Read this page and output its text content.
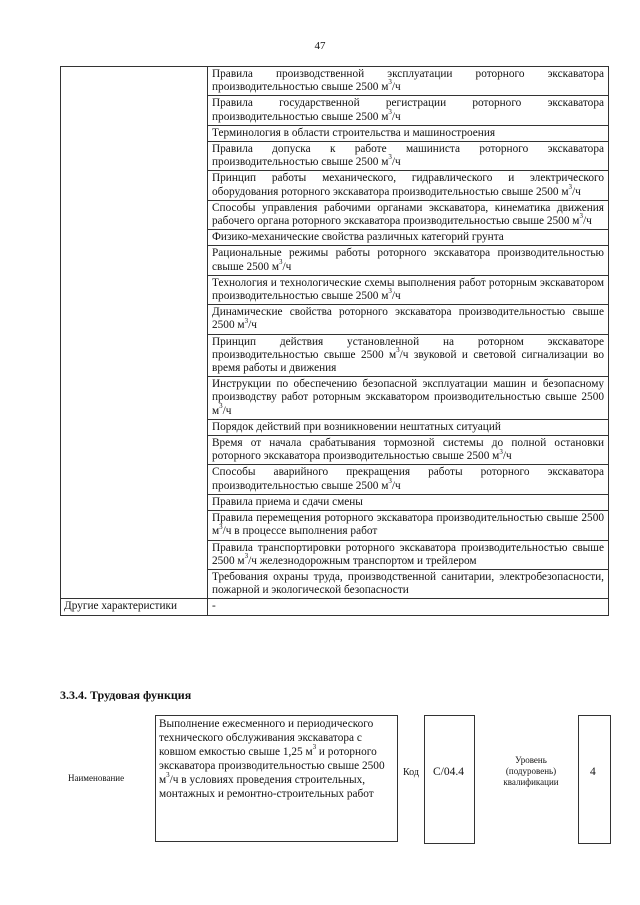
47
	Правила производственной эксплуатации роторного экскаватора производительностью свыше 2500 $м^3/ч$
	Правила государственной регистрации роторного экскаватора производительностью свыше 2500 $м^3/ч$
	Терминология в области строительства и машиностроения
	Правила допуска к работе машиниста роторного экскаватора производительностью свыше 2500 $м^3/ч$
	Принцип работы механического, гидравлического и электрического оборудования роторного экскаватора производительностью свыше 2500 $м^3/ч$
	Способы управления рабочими органами экскаватора, кинематика движения рабочего органа роторного экскаватора производительностью свыше 2500 $м^3/ч$
	Физико-механические свойства различных категорий грунта
	Рациональные режимы работы роторного экскаватора производительностью свыше 2500 $м^3/ч$
	Технология и технологические схемы выполнения работ роторным экскаватором производительностью свыше 2500 $м^3/ч$
	Динамические свойства роторного экскаватора производительностью свыше 2500 $м^3/ч$
	Принцип действия установленной на роторном экскаваторе производительностью свыше 2500 $м^3/ч$ звуковой и световой сигнализации во время работы и движения
	Инструкции по обеспечению безопасной эксплуатации машин и безопасному производству работ роторным экскаватором производительностью свыше 2500 $м^3/ч$
	Порядок действий при возникновении нештатных ситуаций
	Время от начала срабатывания тормозной системы до полной остановки роторного экскаватора производительностью свыше 2500 $м^3/ч$
	Способы аварийного прекращения работы роторного экскаватора производительностью свыше 2500 $м^3/ч$
	Правила приема и сдачи смены
	Правила перемещения роторного экскаватора производительностью свыше 2500 $м^3/ч$ в процессе выполнения работ
	Правила транспортировки роторного экскаватора производительностью свыше 2500 $м^3/ч$ железнодорожным транспортом и трейлером
	Требования охраны труда, производственной санитарии, электробезопасности, пожарной и экологической безопасности
Другие характеристики	-
3.3.4. Трудовая функция
Наименование
Выполнение ежесменного и периодического технического обслуживания экскаватора с ковшом емкостью свыше 1,25 $м^3$ и роторного экскаватора производительностью свыше 2500 $м^3/ч$ в условиях проведения строительных, монтажных и ремонтно-строительных работ
Код C/04.4
Уровень (подуровень) квалификации
4
